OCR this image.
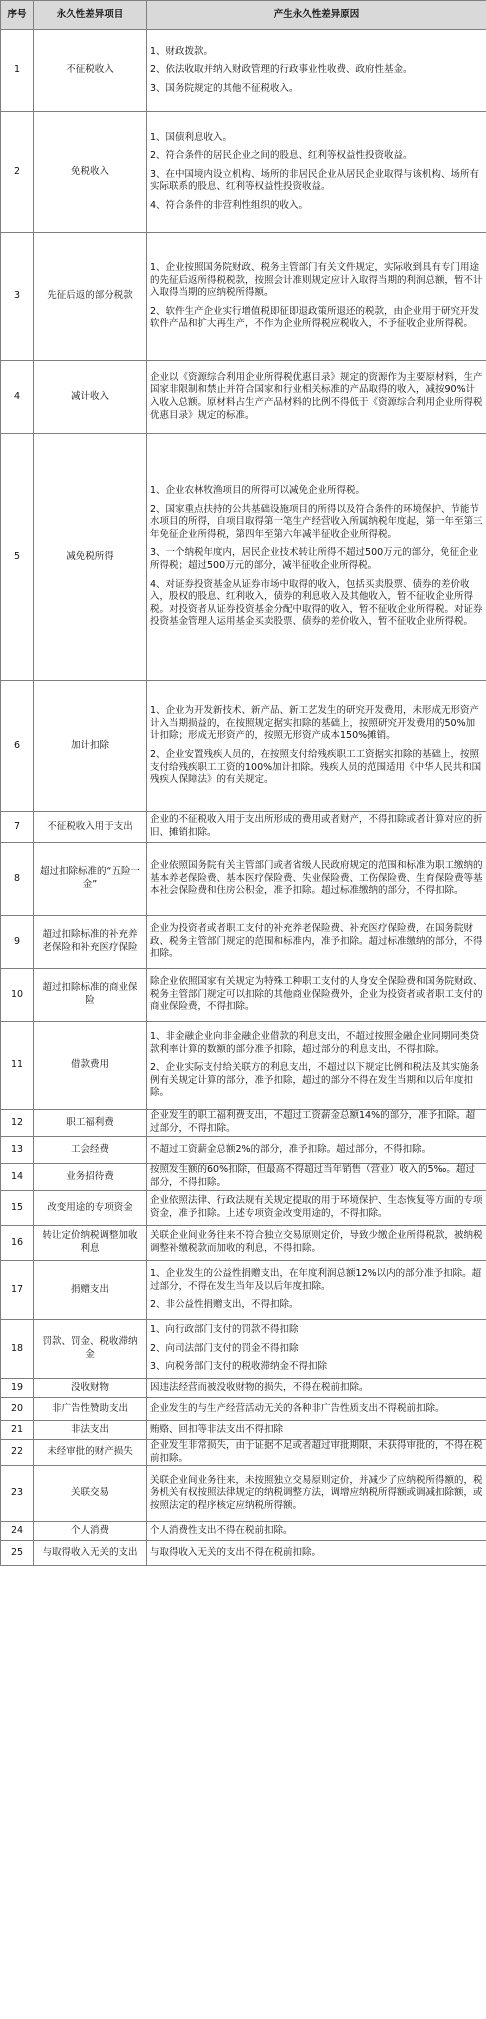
序号	永久性差异项目	产生永久性差异原因
1	不征税收入	1、财政拨款。

2、依法收取并纳入财政管理的行政事业性收费、政府性基金。

3、国务院规定的其他不征税收入。

2	免税收入	1、国债利息收入。

2、符合条件的居民企业之间的股息、红利等权益性投资收益。

3、在中国境内设立机构、场所的非居民企业从居民企业取得与该机构、场所有实际联系的股息、红利等权益性投资收益。

4、符合条件的非营利性组织的收入。

3	先征后返的部分税款	1、企业按照国务院财政、税务主管部门有关文件规定，实际收到具有专门用途的先征后返所得税税款，按照会计准则规定应计入取得当期的利润总额，暂不计入取得当期的应纳税所得额。

2、软件生产企业实行增值税即征即退政策所退还的税款，由企业用于研究开发软件产品和扩大再生产，不作为企业所得税应税收入，不予征收企业所得税。

4	减计收入	企业以《资源综合利用企业所得税优惠目录》规定的资源作为主要原材料，生产国家非限制和禁止并符合国家和行业相关标准的产品取得的收入，减按90%计入收入总额。原材料占生产产品材料的比例不得低于《资源综合利用企业所得税优惠目录》规定的标准。

5	减免税所得	1、企业农林牧渔项目的所得可以减免企业所得税。

2、国家重点扶持的公共基础设施项目的所得以及符合条件的环境保护、节能节水项目的所得，自项目取得第一笔生产经营收入所属纳税年度起，第一年至第三年免征企业所得税，第四年至第六年减半征收企业所得税。

3、一个纳税年度内，居民企业技术转让所得不超过500万元的部分，免征企业所得税；超过500万元的部分，减半征收企业所得税。

4、对证券投资基金从证券市场中取得的收入，包括买卖股票、债券的差价收入，股权的股息、红利收入，债券的利息收入及其他收入，暂不征收企业所得税。对投资者从证券投资基金分配中取得的收入，暂不征收企业所得税。对证券投资基金管理人运用基金买卖股票、债券的差价收入，暂不征收企业所得税。

6	加计扣除	1、企业为开发新技术、新产品、新工艺发生的研究开发费用，未形成无形资产计入当期损益的，在按照规定据实扣除的基础上，按照研究开发费用的50%加计扣除；形成无形资产的，按照无形资产成本150%摊销。

2、企业安置残疾人员的，在按照支付给残疾职工工资据实扣除的基础上，按照支付给残疾职工工资的100%加计扣除。残疾人员的范围适用《中华人民共和国残疾人保障法》的有关规定。

7	不征税收入用于支出	企业的不征税收入用于支出所形成的费用或者财产，不得扣除或者计算对应的折旧、摊销扣除。

8	超过扣除标准的“五险一金”	企业依照国务院有关主管部门或者省级人民政府规定的范围和标准为职工缴纳的基本养老保险费、基本医疗保险费、失业保险费、工伤保险费、生育保险费等基本社会保险费和住房公积金，准予扣除。超过标准缴纳的部分，不得扣除。

9	超过扣除标准的补充养老保险和补充医疗保险	企业为投资者或者职工支付的补充养老保险费、补充医疗保险费，在国务院财政、税务主管部门规定的范围和标准内，准予扣除。超过标准缴纳的部分，不得扣除。

10	超过扣除标准的商业保险	除企业依照国家有关规定为特殊工种职工支付的人身安全保险费和国务院财政、税务主管部门规定可以扣除的其他商业保险费外，企业为投资者或者职工支付的商业保险费，不得扣除。

11	借款费用	1、非金融企业向非金融企业借款的利息支出，不超过按照金融企业同期同类贷款利率计算的数额的部分准予扣除，超过部分的利息支出，不得扣除。

2、企业实际支付给关联方的利息支出，不超过以下规定比例和税法及其实施条例有关规定计算的部分，准予扣除，超过的部分不得在发生当期和以后年度扣除。

12	职工福利费	企业发生的职工福利费支出，不超过工资薪金总额14%的部分，准予扣除。超过部分，不得扣除。

13	工会经费	不超过工资薪金总额2%的部分，准予扣除。超过部分，不得扣除。

14	业务招待费	按照发生额的60%扣除，但最高不得超过当年销售（营业）收入的5‰。超过部分，不得扣除。

15	改变用途的专项资金	企业依照法律、行政法规有关规定提取的用于环境保护、生态恢复等方面的专项资金，准予扣除。上述专项资金改变用途的，不得扣除。

16	转让定价纳税调整加收利息	关联企业间业务往来不符合独立交易原则定价，导致少缴企业所得税款，被纳税调整补缴税款而加收的利息，不得扣除。

17	捐赠支出	1、企业发生的公益性捐赠支出，在年度利润总额12%以内的部分准予扣除。超过部分，不得在发生当年及以后年度扣除。

2、非公益性捐赠支出，不得扣除。

18	罚款、罚金、税收滞纳金	1、向行政部门支付的罚款不得扣除

2、向司法部门支付的罚金不得扣除

3、向税务部门支付的税收滞纳金不得扣除

19	没收财物	因违法经营而被没收财物的损失，不得在税前扣除。

20	非广告性赞助支出	企业发生的与生产经营活动无关的各种非广告性质支出不得税前扣除。

21	非法支出	贿赂、回扣等非法支出不得扣除

22	未经审批的财产损失	企业发生非常损失，由于证据不足或者超过审批期限，未获得审批的，不得在税前扣除。

23	关联交易	关联企业间业务往来，未按照独立交易原则定价，并减少了应纳税所得额的，税务机关有权按照法律规定的纳税调整方法，调增应纳税所得额或调减扣除额，或按照法定的程序核定应纳税所得额。

24	个人消费	个人消费性支出不得在税前扣除。

25	与取得收入无关的支出	与取得收入无关的支出不得在税前扣除。
